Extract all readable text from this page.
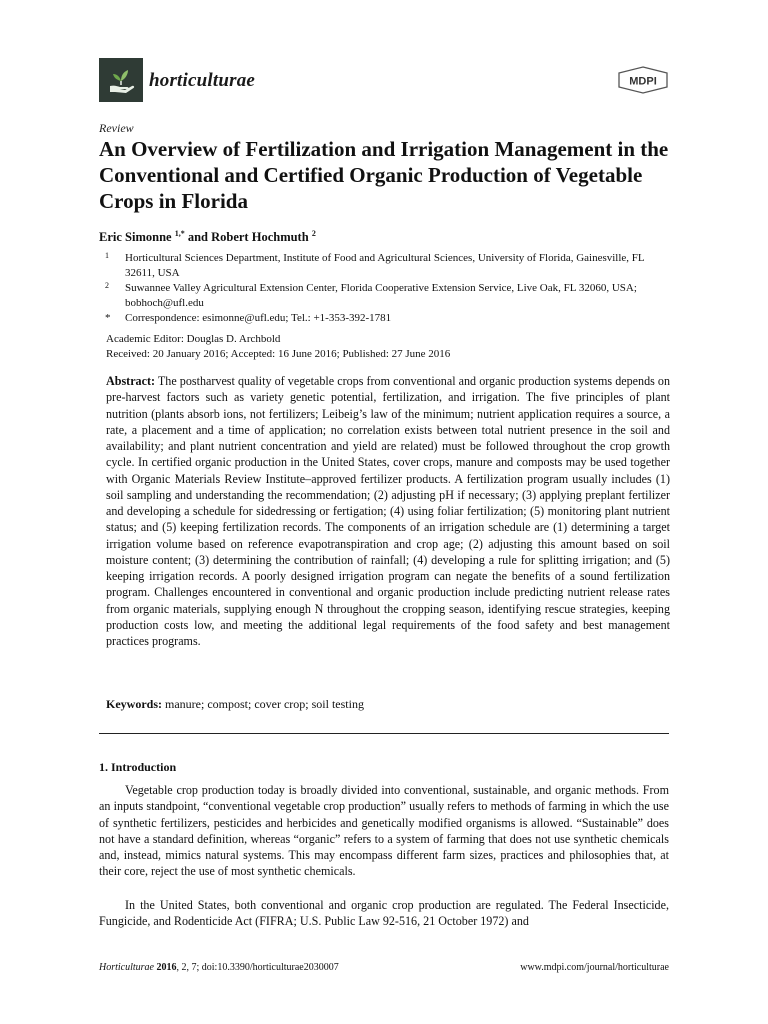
horticulturae	MDPI
Review
An Overview of Fertilization and Irrigation Management in the Conventional and Certified Organic Production of Vegetable Crops in Florida
Eric Simonne $^{1,*}$ and Robert Hochmuth $^2$
1 Horticultural Sciences Department, Institute of Food and Agricultural Sciences, University of Florida, Gainesville, FL 32611, USA
2 Suwannee Valley Agricultural Extension Center, Florida Cooperative Extension Service, Live Oak, FL 32060, USA; bobhoch@ufl.edu
* Correspondence: esimonne@ufl.edu; Tel.: +1-353-392-1781
Academic Editor: Douglas D. Archbold
Received: 20 January 2016; Accepted: 16 June 2016; Published: 27 June 2016

Abstract: The postharvest quality of vegetable crops from conventional and organic production systems depends on pre-harvest factors such as variety genetic potential, fertilization, and irrigation. The five principles of plant nutrition (plants absorb ions, not fertilizers; Leibeig’s law of the minimum; nutrient application requires a source, a rate, a placement and a time of application; no correlation exists between total nutrient presence in the soil and availability; and plant nutrient concentration and yield are related) must be followed throughout the crop growth cycle. In certified organic production in the United States, cover crops, manure and composts may be used together with Organic Materials Review Institute–approved fertilizer products. A fertilization program usually includes (1) soil sampling and understanding the recommendation; (2) adjusting pH if necessary; (3) applying preplant fertilizer and developing a schedule for sidedressing or fertigation; (4) using foliar fertilization; (5) monitoring plant nutrient status; and (5) keeping fertilization records. The components of an irrigation schedule are (1) determining a target irrigation volume based on reference evapotranspiration and crop age; (2) adjusting this amount based on soil moisture content; (3) determining the contribution of rainfall; (4) developing a rule for splitting irrigation; and (5) keeping irrigation records. A poorly designed irrigation program can negate the benefits of a sound fertilization program. Challenges encountered in conventional and organic production include predicting nutrient release rates from organic materials, supplying enough N throughout the cropping season, identifying rescue strategies, keeping production costs low, and meeting the additional legal requirements of the food safety and best management practices programs.

Keywords: manure; compost; cover crop; soil testing
1. Introduction

Vegetable crop production today is broadly divided into conventional, sustainable, and organic methods. From an inputs standpoint, “conventional vegetable crop production” usually refers to methods of farming in which the use of synthetic fertilizers, pesticides and herbicides and genetically modified organisms is allowed. “Sustainable” does not have a standard definition, whereas “organic” refers to a system of farming that does not use synthetic chemicals and, instead, mimics natural systems. This may encompass different farm sizes, practices and philosophies that, at their core, reject the use of most synthetic chemicals.

In the United States, both conventional and organic crop production are regulated. The Federal Insecticide, Fungicide, and Rodenticide Act (FIFRA; U.S. Public Law 92-516, 21 October 1972) and

Horticulturae 2016, 2, 7; doi:10.3390/horticulturae2030007	www.mdpi.com/journal/horticulturae
